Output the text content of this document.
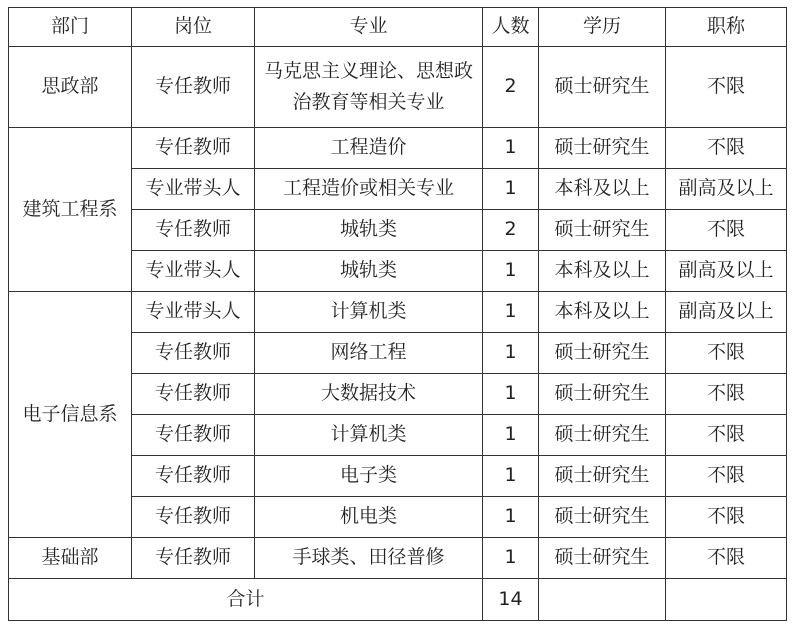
部门	岗位	专业	人数	学历	职称
思政部	专任教师	马克思主义理论、思想政治教育等相关专业	2	硕士研究生	不限
建筑工程系	专任教师	工程造价	1	硕士研究生	不限
	专业带头人	工程造价或相关专业	1	本科及以上	副高及以上
	专任教师	城轨类	2	硕士研究生	不限
	专业带头人	城轨类	1	本科及以上	副高及以上
电子信息系	专业带头人	计算机类	1	本科及以上	副高及以上
	专任教师	网络工程	1	硕士研究生	不限
	专任教师	大数据技术	1	硕士研究生	不限
	专任教师	计算机类	1	硕士研究生	不限
	专任教师	电子类	1	硕士研究生	不限
	专任教师	机电类	1	硕士研究生	不限
基础部	专任教师	手球类、田径普修	1	硕士研究生	不限
合计			14		
